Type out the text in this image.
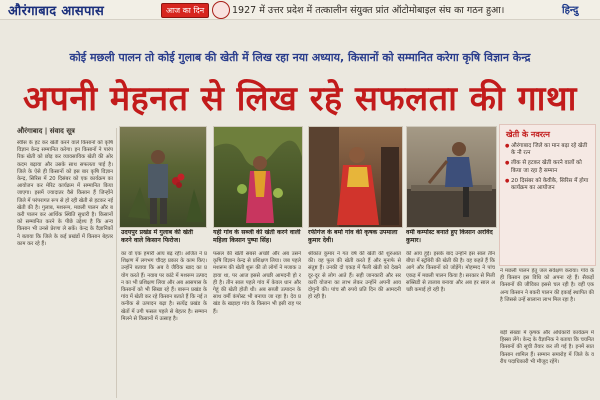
औरंगाबाद आसपास	आज का दिन	1927 में उत्तर प्रदेश में तत्कालीन संयुक्त प्रांत ऑटोमोबाइल संघ का गठन हुआ।	हिन्दु
कोई मछली पालन तो कोई गुलाब की खेती में लिख रहा नया अध्याय, किसानों को सम्मानित करेगा कृषि विज्ञान केन्द्र
अपनी मेहनत से लिख रहे सफलता की गाथा
औरंगाबाद | संवाद सूत्र
स्वीस के हट कर खेती करने वाले किसानों को कृषि विज्ञान केन्द्र सम्मानित करेगा। इन किसानों ने पारंपरिक खेती को छोड़ कर व्यावसायिक खेती की ओर कदम बढ़ाया और उसके साथ सफलता पाई है। जिले के ऐसे ही किसानों को इस बार कृषि विज्ञान केन्द्र, सिरिस में 20 दिसंबर को एक कार्यक्रम का आयोजन कर मेरिट कार्यक्रम में सम्मानित किया जाएगा। इसमें ज्यादातर वैसे किसान हैं जिन्होंने जिले में परंपरागत रूप से हो रही खेती से हटकर नई खेती की है। गुलाब, मशरूम, मछली पालन और बकरी पालन कर आर्थिक स्थिति सुधारी है। किसानों को सम्मानित करने के पीछे उद्देश्य है कि अन्य किसान भी उनसे प्रेरणा ले सकें। केन्द्र के वैज्ञानिकों ने बताया कि जिले के कई प्रखंडों में किसान बेहतर काम कर रहे हैं।
उदयपुर प्रखंड में गुलाब की खेती करने वाले किसान फिरोज।
का वो एक हमारी आय बढ़ रही। अजित ने प्रशिक्षण में लगभग चौदह प्रकार के काम किए। उन्होंने बताया कि अब वे जैविक खाद का प्रयोग करते हैं। नवाब पर कांटे में मशरूम उत्पादन का भी प्रशिक्षण लिया और अब आसपास के किसानों को भी सिखा रहे हैं। बारून प्रखंड के गांव में खेती कर रहे किसान बताते हैं कि नई तकनीक से उत्पादन बढ़ा है। सत्येंद्र प्रखंड के खेतों में उगी फसल पहले से बेहतर है। सम्मान मिलने से किसानों में उत्साह है।
यही गांव के सब्जी की खेती करने वाली महिला किसान पुष्पा सिंह।
फसल की खेती सबसे अच्छी और अब उसने कृषि विज्ञान केन्द्र से प्रशिक्षण लिया। जब पहले मशरूम की खेती शुरू की तो लोगों ने मजाक उड़ाया था, पर आज इससे अच्छी आमदनी हो रही है। तीन साल पहले गांव में केवल धान और गेहूं की खेती होती थी। अब सब्जी उत्पादन के साथ वर्मी कंपोस्ट भी बनाया जा रहा है। देव प्रखंड के खड़ाहा गांव के किसान भी इसी राह पर हैं।
रफीगंज के बर्मा गांव की कृषक उपमाला कुमार देवी।
श्रीकांत कुमार ने गत वर्ष की खेती की शुरुआत की। वह फूल की खेती करते हैं और मुनाफे से संतुष्ट हैं। उनकी दो एकड़ में फैली खेती को देखने दूर-दूर से लोग आते हैं। सही जानकारी और सरकारी योजना का लाभ लेकर उन्होंने अपनी आय दोगुनी की। पांच सौ रुपये प्रति दिन की आमदनी हो रही है।
वर्मी कम्पोस्ट बनाते हुए किसान अरविंद कुमार।
की आय हुई। इसके बाद उन्होंने इस साल तीन बीघा में स्ट्रॉबेरी की खेती की है। वह कहते हैं कि आगे और किसानों को जोड़ेंगे। मोहम्मद ने पांच एकड़ में मछली पालन किया है। सरकार से मिली सब्सिडी से तालाब बनाया और अब हर साल अच्छी कमाई हो रही है।
खेती के नवरत्न
● औरंगाबाद जिले का मान बढ़ा रहे खेती के नौ रत्न
● लीक से हटकर खेती करने वालों को किया जा रहा है सम्मान
● 20 दिसंबर को केवीके, सिरिस में होगा कार्यक्रम का आयोजन
ने मछली पालन हेतु जल सर्वेक्षण कराया। गांव के ही किसान इस विधि को अपना रहे हैं। सैकड़ों किसानों की जीविका इससे चल रही है। वहीं एक अन्य किसान ने बकरी पालन की इकाई स्थापित की है जिससे उन्हें सालाना लाभ मिल रहा है।
बड़ी संख्या में कृषक और अधिकारी कार्यक्रम में हिस्सा लेंगे। केन्द्र के वैज्ञानिक ने बताया कि चयनित किसानों की सूची तैयार कर ली गई है। इनमें सात किसान शामिल हैं। सम्मान समारोह में जिले के वरीय पदाधिकारी भी मौजूद रहेंगे।
